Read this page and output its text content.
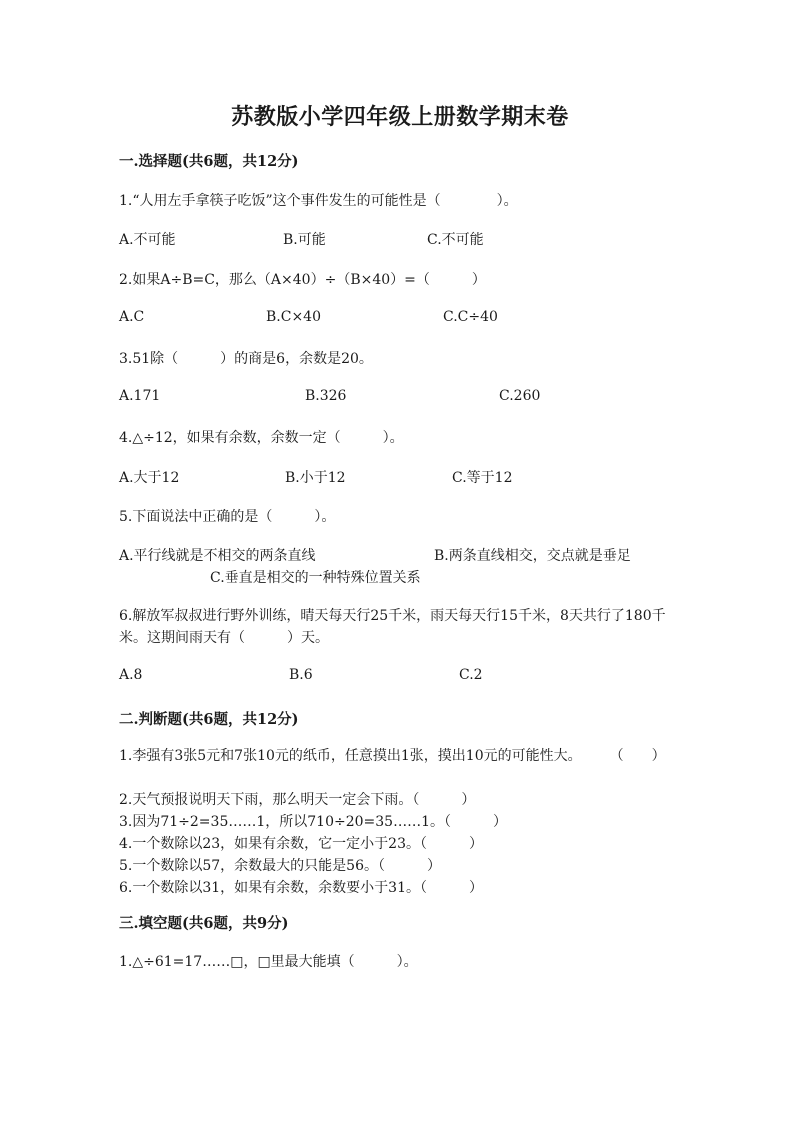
苏教版小学四年级上册数学期末卷
一.选择题(共6题，共12分)
1.“人用左手拿筷子吃饭”这个事件发生的可能性是（　　　　）。
A.不可能	B.可能	C.不可能
2.如果A÷B=C，那么（A×40）÷（B×40）=（　　　）
A.C	B.C×40	C.C÷40
3.51除（　　　）的商是6，余数是20。
A.171	B.326	C.260
4.△÷12，如果有余数，余数一定（　　　）。
A.大于12	B.小于12	C.等于12
5.下面说法中正确的是（　　　）。
A.平行线就是不相交的两条直线	B.两条直线相交，交点就是垂足
C.垂直是相交的一种特殊位置关系
6.解放军叔叔进行野外训练，晴天每天行25千米，雨天每天行15千米，8天共行了180千米。这期间雨天有（　　　）天。
A.8	B.6	C.2
二.判断题(共6题，共12分)
1.李强有3张5元和7张10元的纸币，任意摸出1张，摸出10元的可能性大。　　　（　　）
2.天气预报说明天下雨，那么明天一定会下雨。（　　　）
3.因为71÷2=35……1，所以710÷20=35……1。（　　　）
4.一个数除以23，如果有余数，它一定小于23。（　　　）
5.一个数除以57，余数最大的只能是56。（　　　）
6.一个数除以31，如果有余数，余数要小于31。（　　　）
三.填空题(共6题，共9分)
1.△÷61=17……□，□里最大能填（　　　）。
